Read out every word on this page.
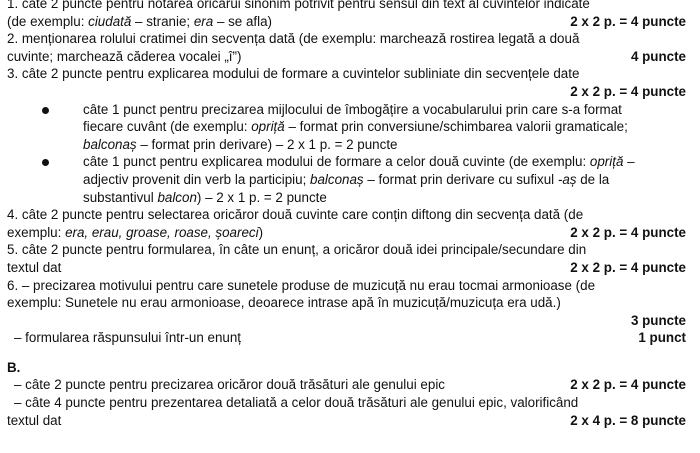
1. câte 2 puncte pentru notarea oricărui sinonim potrivit pentru sensul din text al cuvintelor indicate
(de exemplu: ciudată – stranie; era – se afla)	2 x 2 p. = 4 puncte
2. menționarea rolului cratimei din secvența dată (de exemplu: marchează rostirea legată a două
cuvinte; marchează căderea vocalei „î”)	4 puncte
3. câte 2 puncte pentru explicarea modului de formare a cuvintelor subliniate din secvențele date
2 x 2 p. = 4 puncte
câte 1 punct pentru precizarea mijlocului de îmbogățire a vocabularului prin care s-a format
fiecare cuvânt (de exemplu: opriță – format prin conversiune/schimbarea valorii gramaticale;
balconaș – format prin derivare) – 2 x 1 p. = 2 puncte
câte 1 punct pentru explicarea modului de formare a celor două cuvinte (de exemplu: opriță –
adjectiv provenit din verb la participiu; balconaș – format prin derivare cu sufixul -aș de la
substantivul balcon) – 2 x 1 p. = 2 puncte
4. câte 2 puncte pentru selectarea oricăror două cuvinte care conțin diftong din secvența dată (de
exemplu: era, erau, groase, roase, șoareci)	2 x 2 p. = 4 puncte
5. câte 2 puncte pentru formularea, în câte un enunț, a oricăror două idei principale/secundare din
textul dat	2 x 2 p. = 4 puncte
6. – precizarea motivului pentru care sunetele produse de muzicuță nu erau tocmai armonioase (de
exemplu: Sunetele nu erau armonioase, deoarece intrase apă în muzicuță/muzicuța era udă.)
3 puncte
– formularea răspunsului într-un enunț	1 punct
B.
– câte 2 puncte pentru precizarea oricăror două trăsături ale genului epic	2 x 2 p. = 4 puncte
– câte 4 puncte pentru prezentarea detaliată a celor două trăsături ale genului epic, valorificând
textul dat	2 x 4 p. = 8 puncte
